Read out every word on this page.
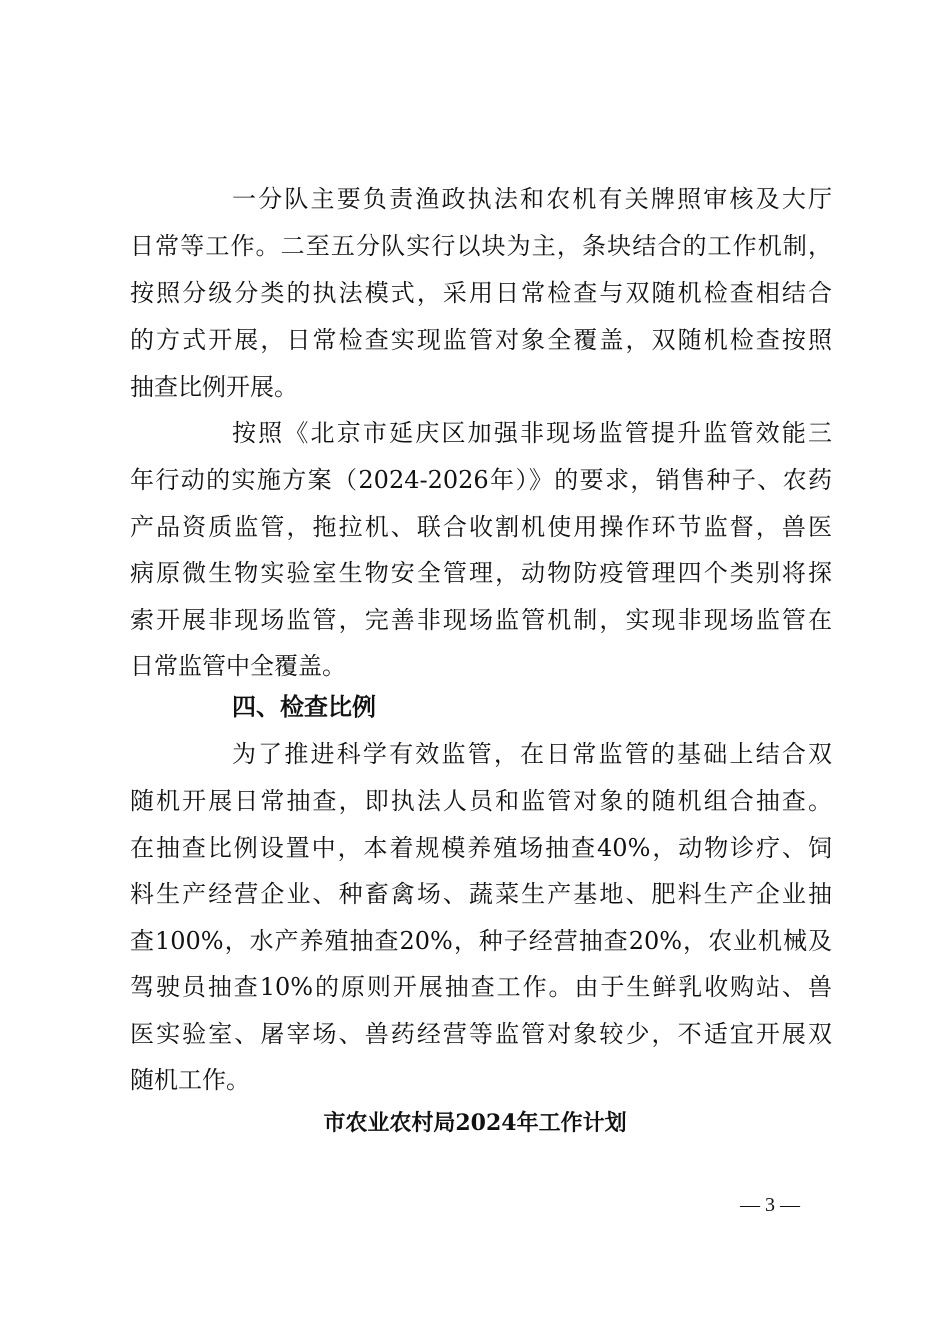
一分队主要负责渔政执法和农机有关牌照审核及大厅
日常等工作。二至五分队实行以块为主，条块结合的工作机制，
按照分级分类的执法模式，采用日常检查与双随机检查相结合
的方式开展，日常检查实现监管对象全覆盖，双随机检查按照
抽查比例开展。
按照《北京市延庆区加强非现场监管提升监管效能三
年行动的实施方案（2024-2026年）》的要求，销售种子、农药
产品资质监管，拖拉机、联合收割机使用操作环节监督，兽医
病原微生物实验室生物安全管理，动物防疫管理四个类别将探
索开展非现场监管，完善非现场监管机制，实现非现场监管在
日常监管中全覆盖。
四、检查比例
为了推进科学有效监管，在日常监管的基础上结合双
随机开展日常抽查，即执法人员和监管对象的随机组合抽查。
在抽查比例设置中，本着规模养殖场抽查40%，动物诊疗、饲
料生产经营企业、种畜禽场、蔬菜生产基地、肥料生产企业抽
查100%，水产养殖抽查20%，种子经营抽查20%，农业机械及
驾驶员抽查10%的原则开展抽查工作。由于生鲜乳收购站、兽
医实验室、屠宰场、兽药经营等监管对象较少，不适宜开展双
随机工作。
市农业农村局2024年工作计划
— 3 —
